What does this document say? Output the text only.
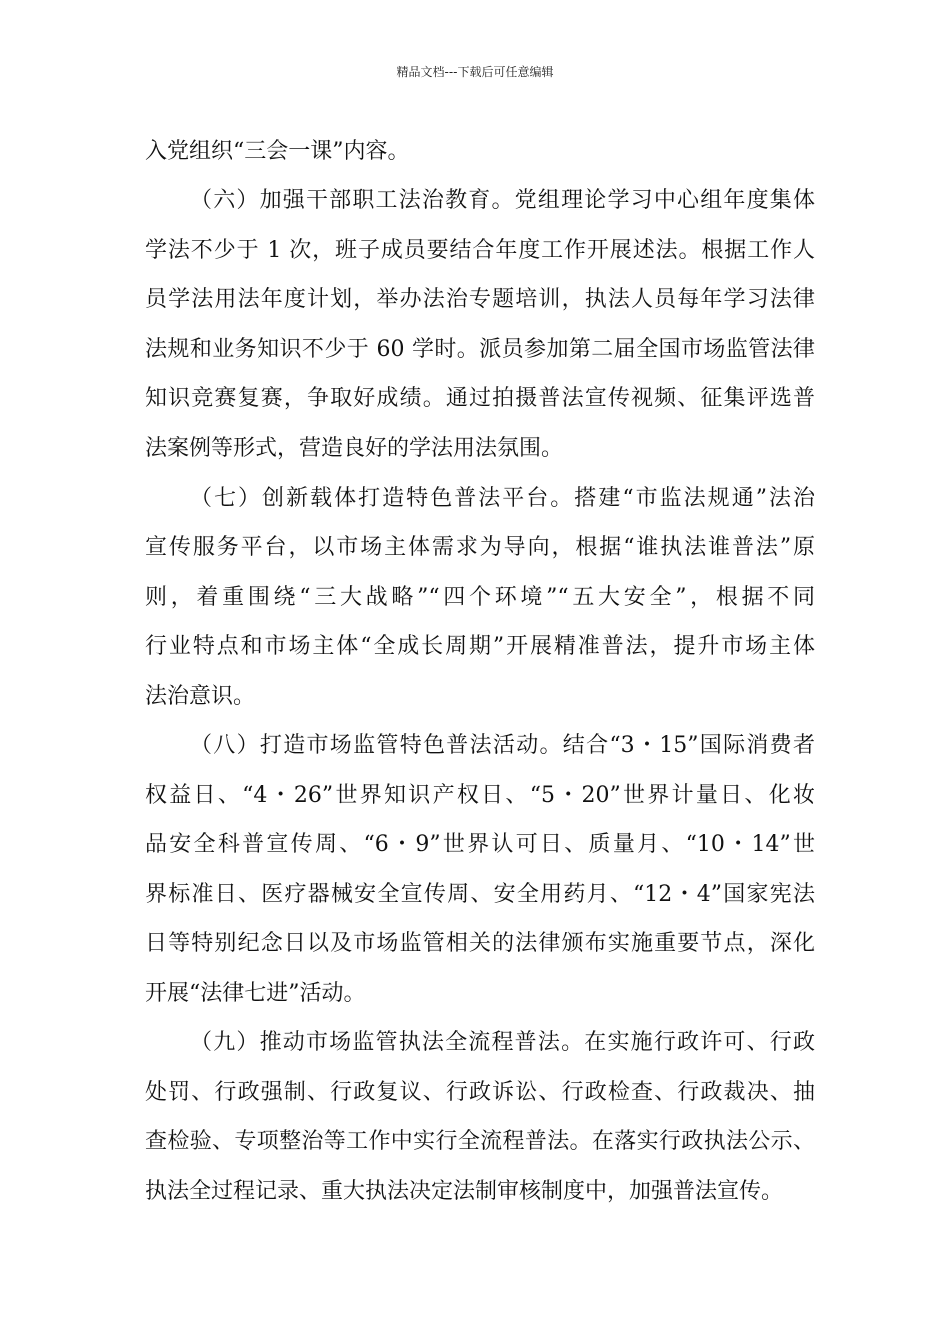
精品文档---下载后可任意编辑
入党组织“三会一课”内容。
（六）加强干部职工法治教育。党组理论学习中心组年度集体
学法不少于 1 次，班子成员要结合年度工作开展述法。根据工作人
员学法用法年度计划，举办法治专题培训，执法人员每年学习法律
法规和业务知识不少于 60 学时。派员参加第二届全国市场监管法律
知识竞赛复赛，争取好成绩。通过拍摄普法宣传视频、征集评选普
法案例等形式，营造良好的学法用法氛围。
（七）创新载体打造特色普法平台。搭建“市监法规通”法治
宣传服务平台，以市场主体需求为导向，根据“谁执法谁普法”原
则，着重围绕“三大战略”“四个环境”“五大安全”，根据不同
行业特点和市场主体“全成长周期”开展精准普法，提升市场主体
法治意识。
（八）打造市场监管特色普法活动。结合“3・15”国际消费者
权益日、“4・26”世界知识产权日、“5・20”世界计量日、化妆
品安全科普宣传周、“6・9”世界认可日、质量月、“10・14”世
界标准日、医疗器械安全宣传周、安全用药月、“12・4”国家宪法
日等特别纪念日以及市场监管相关的法律颁布实施重要节点，深化
开展“法律七进”活动。
（九）推动市场监管执法全流程普法。在实施行政许可、行政
处罚、行政强制、行政复议、行政诉讼、行政检查、行政裁决、抽
查检验、专项整治等工作中实行全流程普法。在落实行政执法公示、
执法全过程记录、重大执法决定法制审核制度中，加强普法宣传。
